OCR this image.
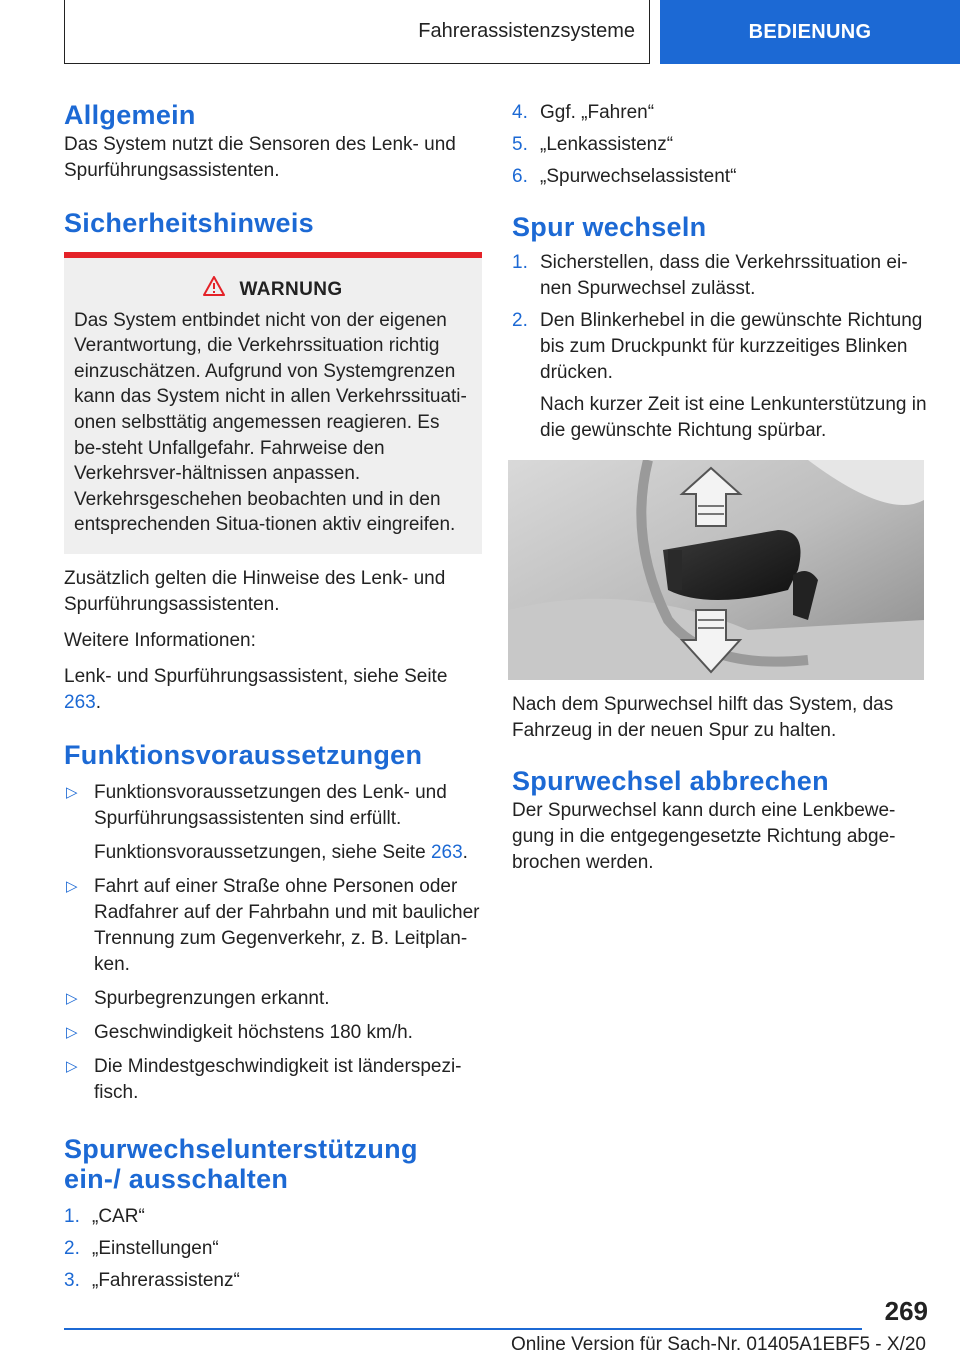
Fahrerassistenzsysteme	BEDIENUNG
Allgemein

Das System nutzt die Sensoren des Lenk- und Spurführungsassistenten.

Sicherheitshinweis
WARNUNG

Das System entbindet nicht von der eigenen Verantwortung, die Verkehrssituation richtig einzuschätzen. Aufgrund von Systemgrenzen kann das System nicht in allen Verkehrssituati-onen selbsttätig angemessen reagieren. Es be-steht Unfallgefahr. Fahrweise den Verkehrsver-hältnissen anpassen. Verkehrsgeschehen beobachten und in den entsprechenden Situa-tionen aktiv eingreifen.

Zusätzlich gelten die Hinweise des Lenk- und Spurführungsassistenten.

Weitere Informationen:

Lenk- und Spurführungsassistent, siehe Seite 263.

Funktionsvoraussetzungen
▷ Funktionsvoraussetzungen des Lenk- und Spurführungsassistenten sind erfüllt.
Funktionsvoraussetzungen, siehe Seite 263.
▷ Fahrt auf einer Straße ohne Personen oder Radfahrer auf der Fahrbahn und mit baulicher Trennung zum Gegenverkehr, z. B. Leitplan-ken.
▷ Spurbegrenzungen erkannt.
▷ Geschwindigkeit höchstens 180 km/h.
▷ Die Mindestgeschwindigkeit ist länderspezi-fisch.
Spurwechselunterstützung ein-/ ausschalten
1. „CAR“
2. „Einstellungen“
3. „Fahrerassistenz“
4. Ggf. „Fahren“
5. „Lenkassistenz“
6. „Spurwechselassistent“
Spur wechseln
1. Sicherstellen, dass die Verkehrssituation ei-nen Spurwechsel zulässt.
2. Den Blinkerhebel in die gewünschte Richtung bis zum Druckpunkt für kurzzeitiges Blinken drücken.
Nach kurzer Zeit ist eine Lenkunterstützung in die gewünschte Richtung spürbar.

Nach dem Spurwechsel hilft das System, das Fahrzeug in der neuen Spur zu halten.

Spurwechsel abbrechen

Der Spurwechsel kann durch eine Lenkbewe-gung in die entgegengesetzte Richtung abge-brochen werden.

269
Online Version für Sach-Nr. 01405A1EBF5 - X/20
